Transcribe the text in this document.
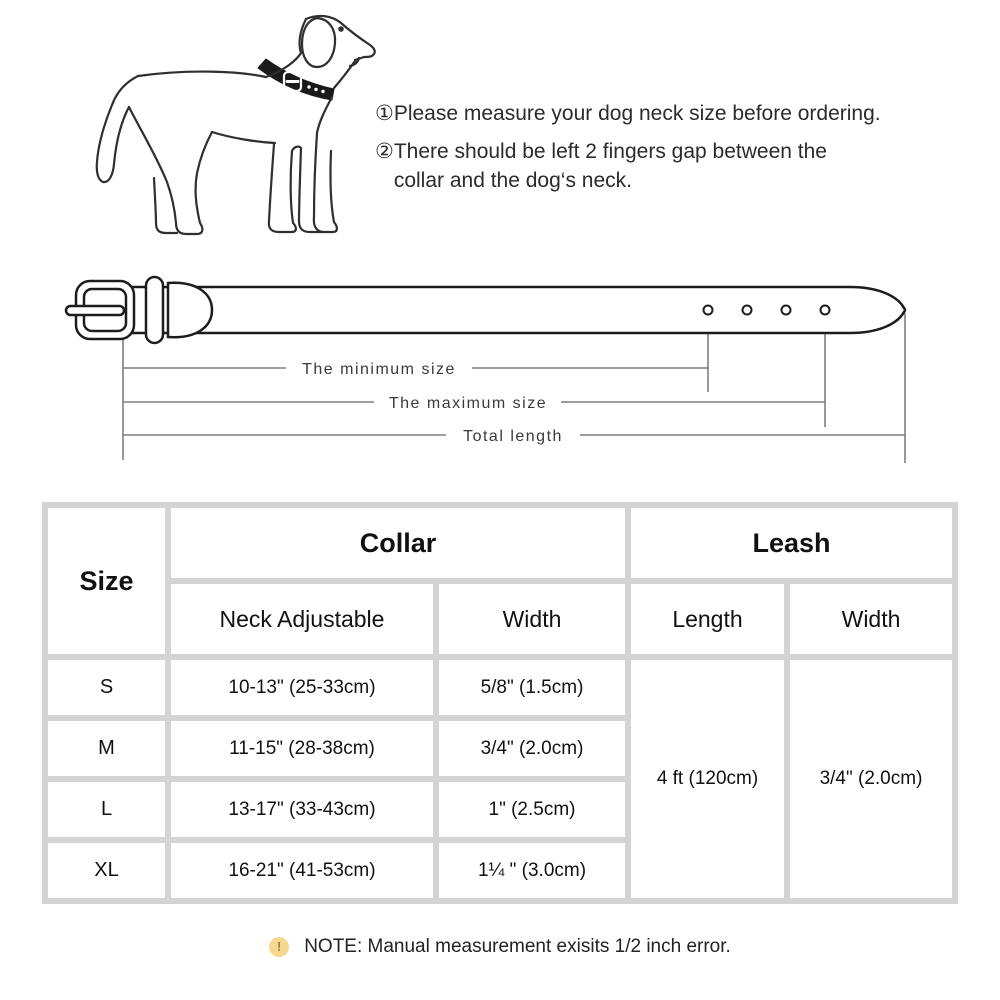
① Please measure your dog neck size before ordering.
② There should be left 2 fingers gap between the
collar and the dog‘s neck.
The minimum size
The maximum size
Total length
Size	Collar		Leash	
	Neck Adjustable	Width	Length	Width
S	10-13" (25-33cm)	5/8" (1.5cm)	4 ft (120cm)	3/4" (2.0cm)
M	11-15" (28-38cm)	3/4" (2.0cm)		
L	13-17" (33-43cm)	1" (2.5cm)		
XL	16-21" (41-53cm)	1¼ " (3.0cm)		
!	NOTE: Manual measurement exisits 1/2 inch error.
